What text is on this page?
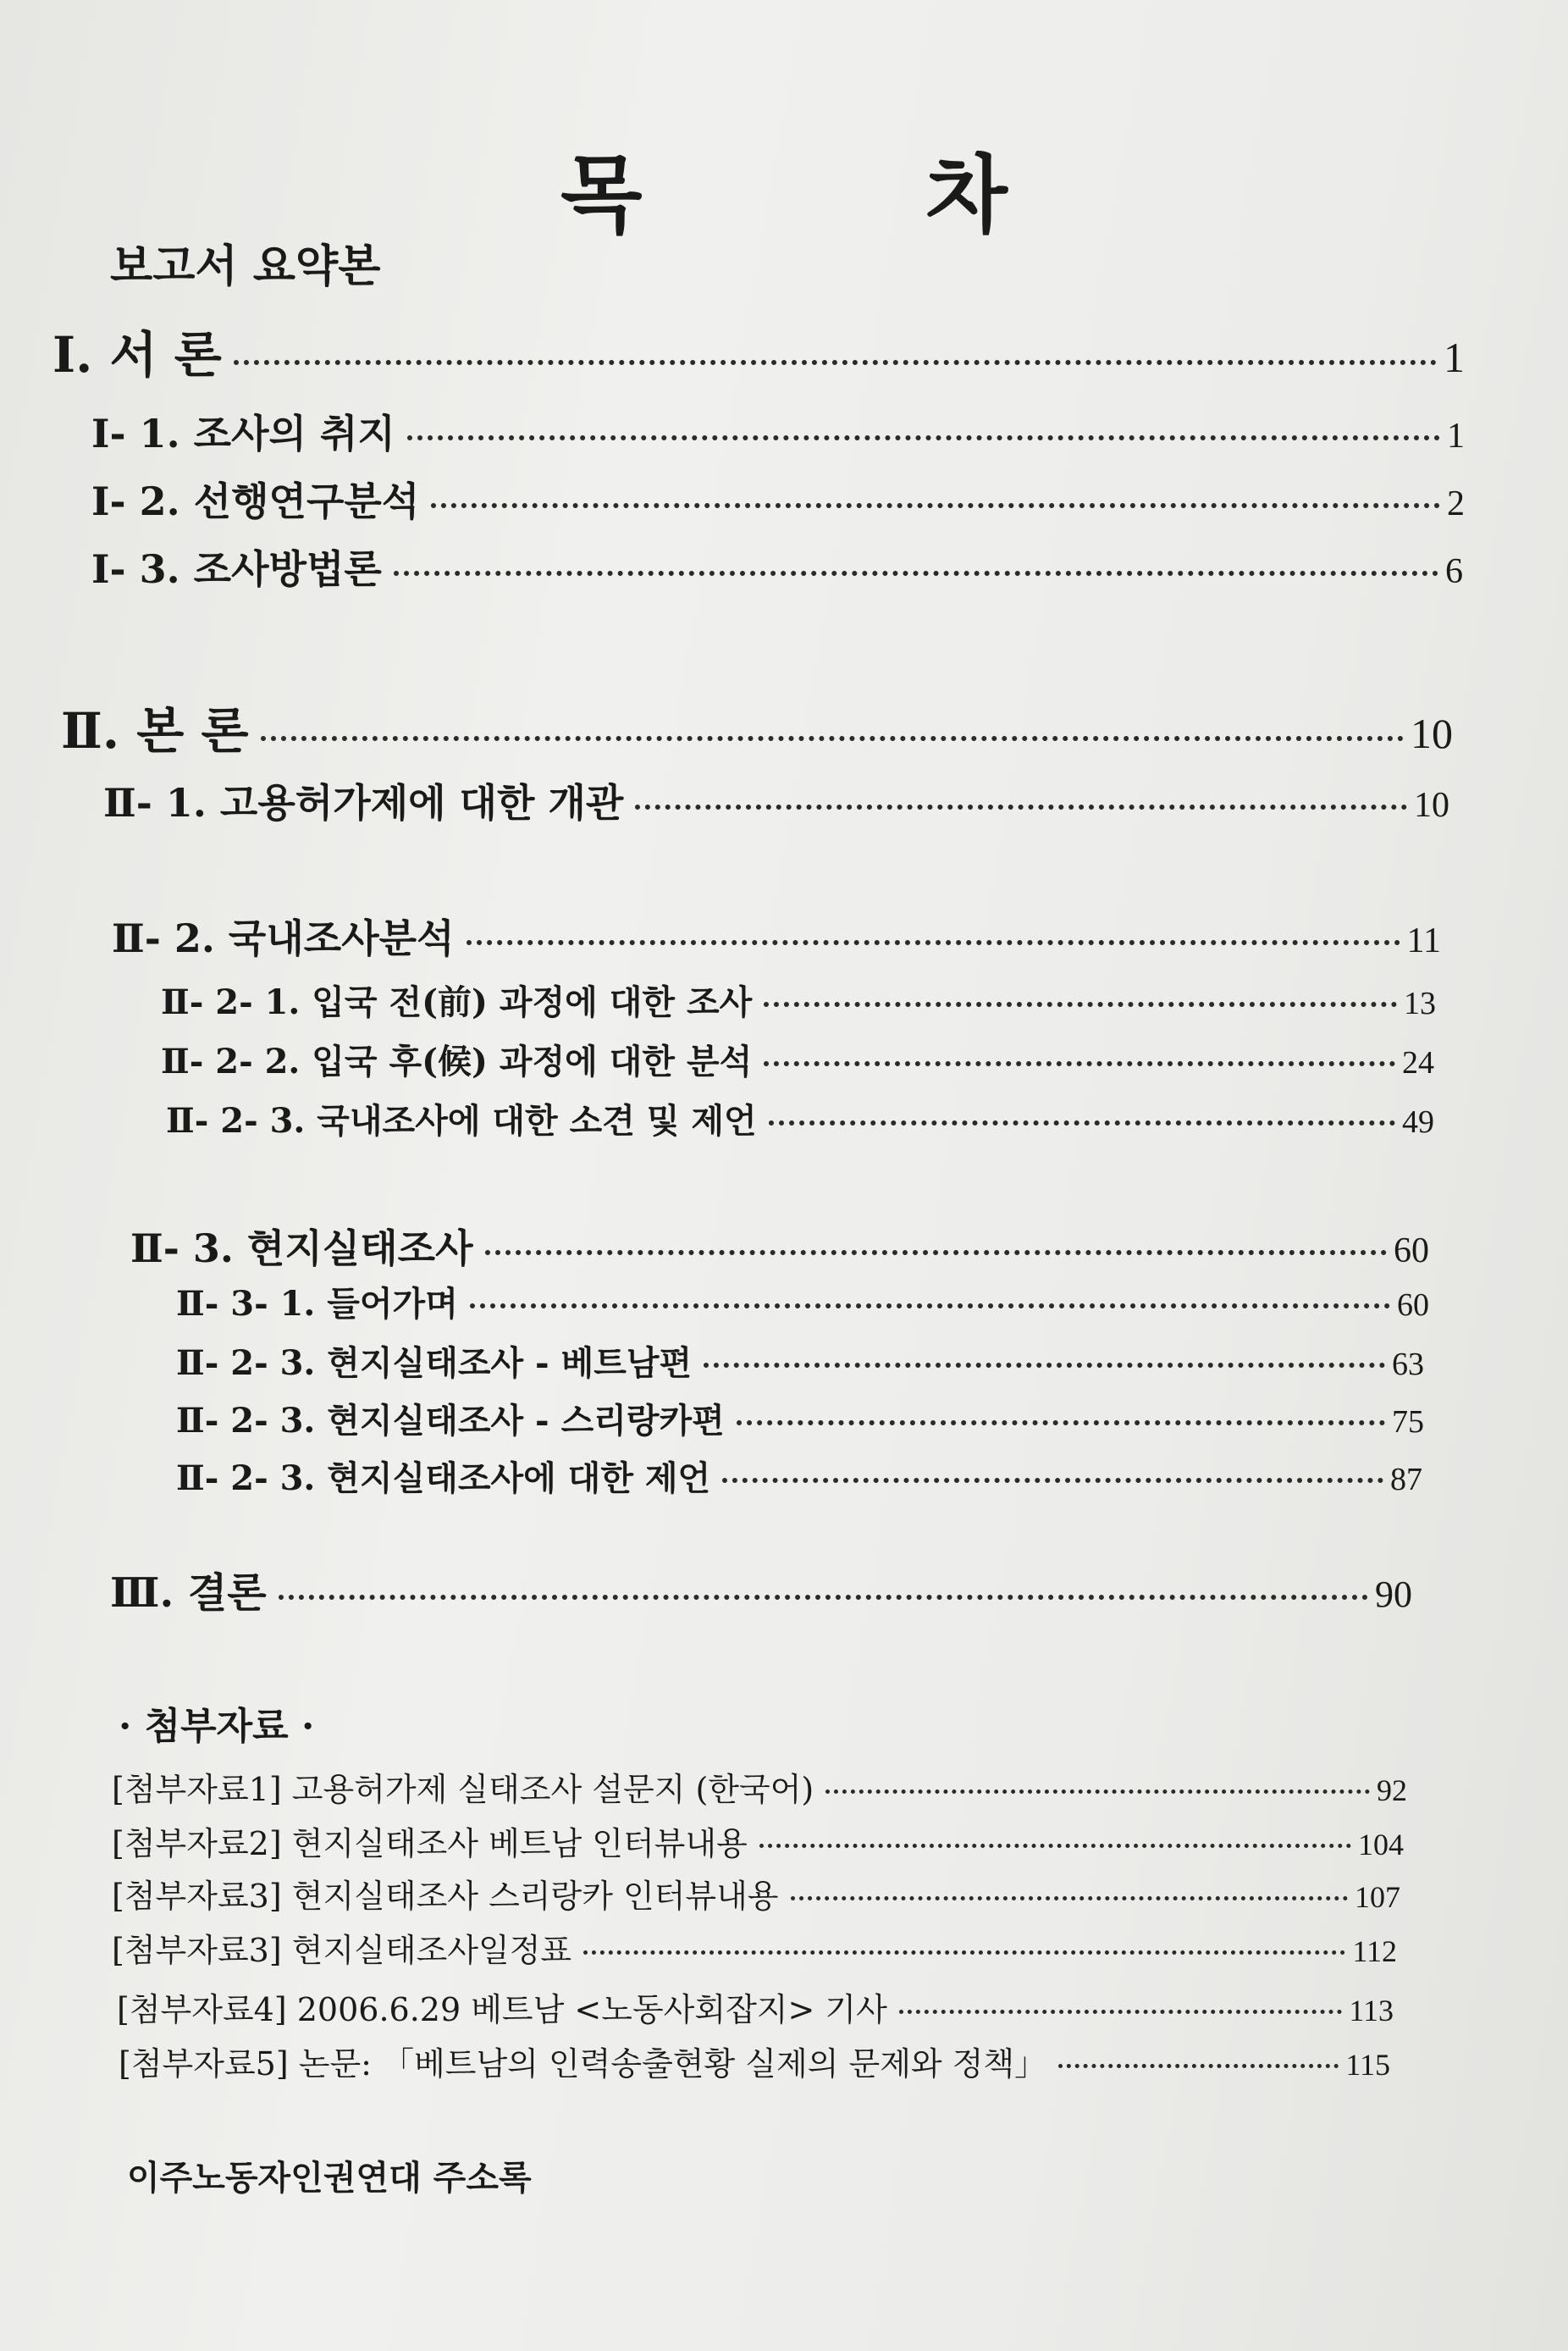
목 차
보고서 요약본
Ⅰ. 서 론	1
Ⅰ- 1. 조사의 취지	1
Ⅰ- 2. 선행연구분석	2
Ⅰ- 3. 조사방법론	6
Ⅱ. 본 론	10
Ⅱ- 1. 고용허가제에 대한 개관	10
Ⅱ- 2. 국내조사분석	11
Ⅱ- 2- 1. 입국 전(前) 과정에 대한 조사	13
Ⅱ- 2- 2. 입국 후(候) 과정에 대한 분석	24
Ⅱ- 2- 3. 국내조사에 대한 소견 및 제언	49
Ⅱ- 3. 현지실태조사	60
Ⅱ- 3- 1. 들어가며	60
Ⅱ- 2- 3. 현지실태조사 - 베트남편	63
Ⅱ- 2- 3. 현지실태조사 - 스리랑카편	75
Ⅱ- 2- 3. 현지실태조사에 대한 제언	87
Ⅲ. 결론	90
· 첨부자료 ·
[첨부자료1] 고용허가제 실태조사 설문지 (한국어)	92
[첨부자료2] 현지실태조사 베트남 인터뷰내용	104
[첨부자료3] 현지실태조사 스리랑카 인터뷰내용	107
[첨부자료3] 현지실태조사일정표	112
[첨부자료4] 2006.6.29 베트남 <노동사회잡지> 기사	113
[첨부자료5] 논문: 「베트남의 인력송출현황 실제의 문제와 정책」	115
이주노동자인권연대 주소록
